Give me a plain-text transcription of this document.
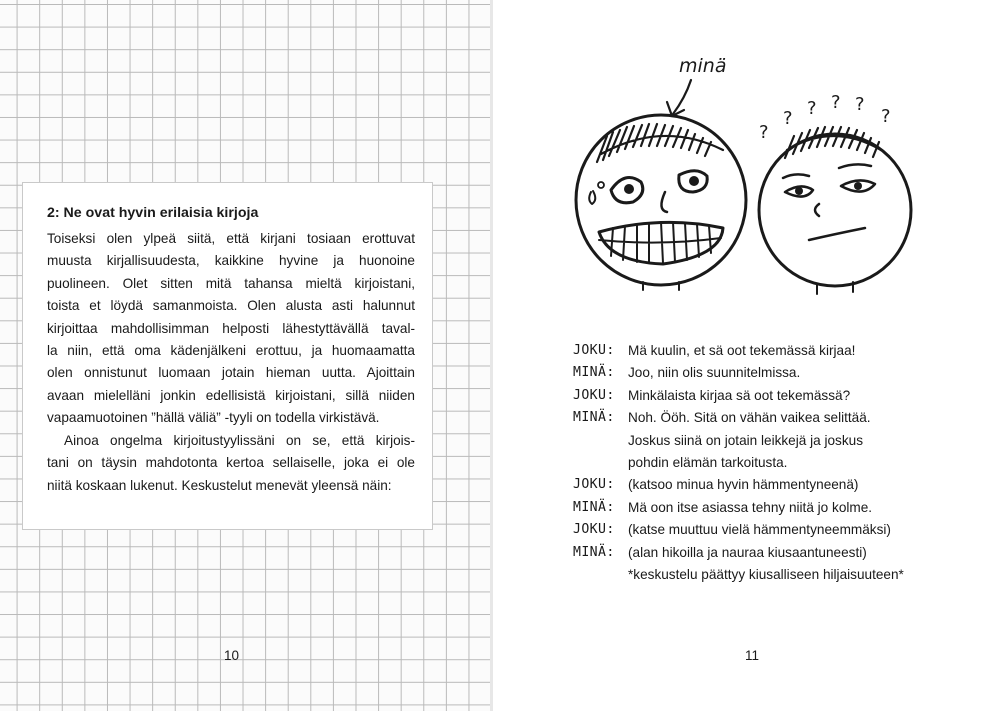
2: Ne ovat hyvin erilaisia kirjoja
Toiseksi olen ylpeä siitä, että kirjani tosiaan erottuvat
muusta kirjallisuudesta, kaikkine hyvine ja huonoine
puolineen. Olet sitten mitä tahansa mieltä kirjoistani,
toista et löydä samanmoista. Olen alusta asti halunnut
kirjoittaa mahdollisimman helposti lähestyttävällä taval-
la niin, että oma kädenjälkeni erottuu, ja huomaamatta
olen onnistunut luomaan jotain hieman uutta. Ajoittain
avaan mielelläni jonkin edellisistä kirjoistani, sillä niiden
vapaamuotoinen ”hällä väliä” -tyyli on todella virkistävä.
Ainoa ongelma kirjoitustyylissäni on se, että kirjois-
tani on täysin mahdotonta kertoa sellaiselle, joka ei ole
niitä koskaan lukenut. Keskustelut menevät yleensä näin:
10
minä
? ? ? ? ? ?
JOKU: Mä kuulin, et sä oot tekemässä kirjaa!
MINÄ: Joo, niin olis suunnitelmissa.
JOKU: Minkälaista kirjaa sä oot tekemässä?
MINÄ: Noh. Ööh. Sitä on vähän vaikea selittää.
Joskus siinä on jotain leikkejä ja joskus
pohdin elämän tarkoitusta.
JOKU: (katsoo minua hyvin hämmentyneenä)
MINÄ: Mä oon itse asiassa tehny niitä jo kolme.
JOKU: (katse muuttuu vielä hämmentyneemmäksi)
MINÄ: (alan hikoilla ja nauraa kiusaantuneesti)
*keskustelu päättyy kiusalliseen hiljaisuuteen*
11
